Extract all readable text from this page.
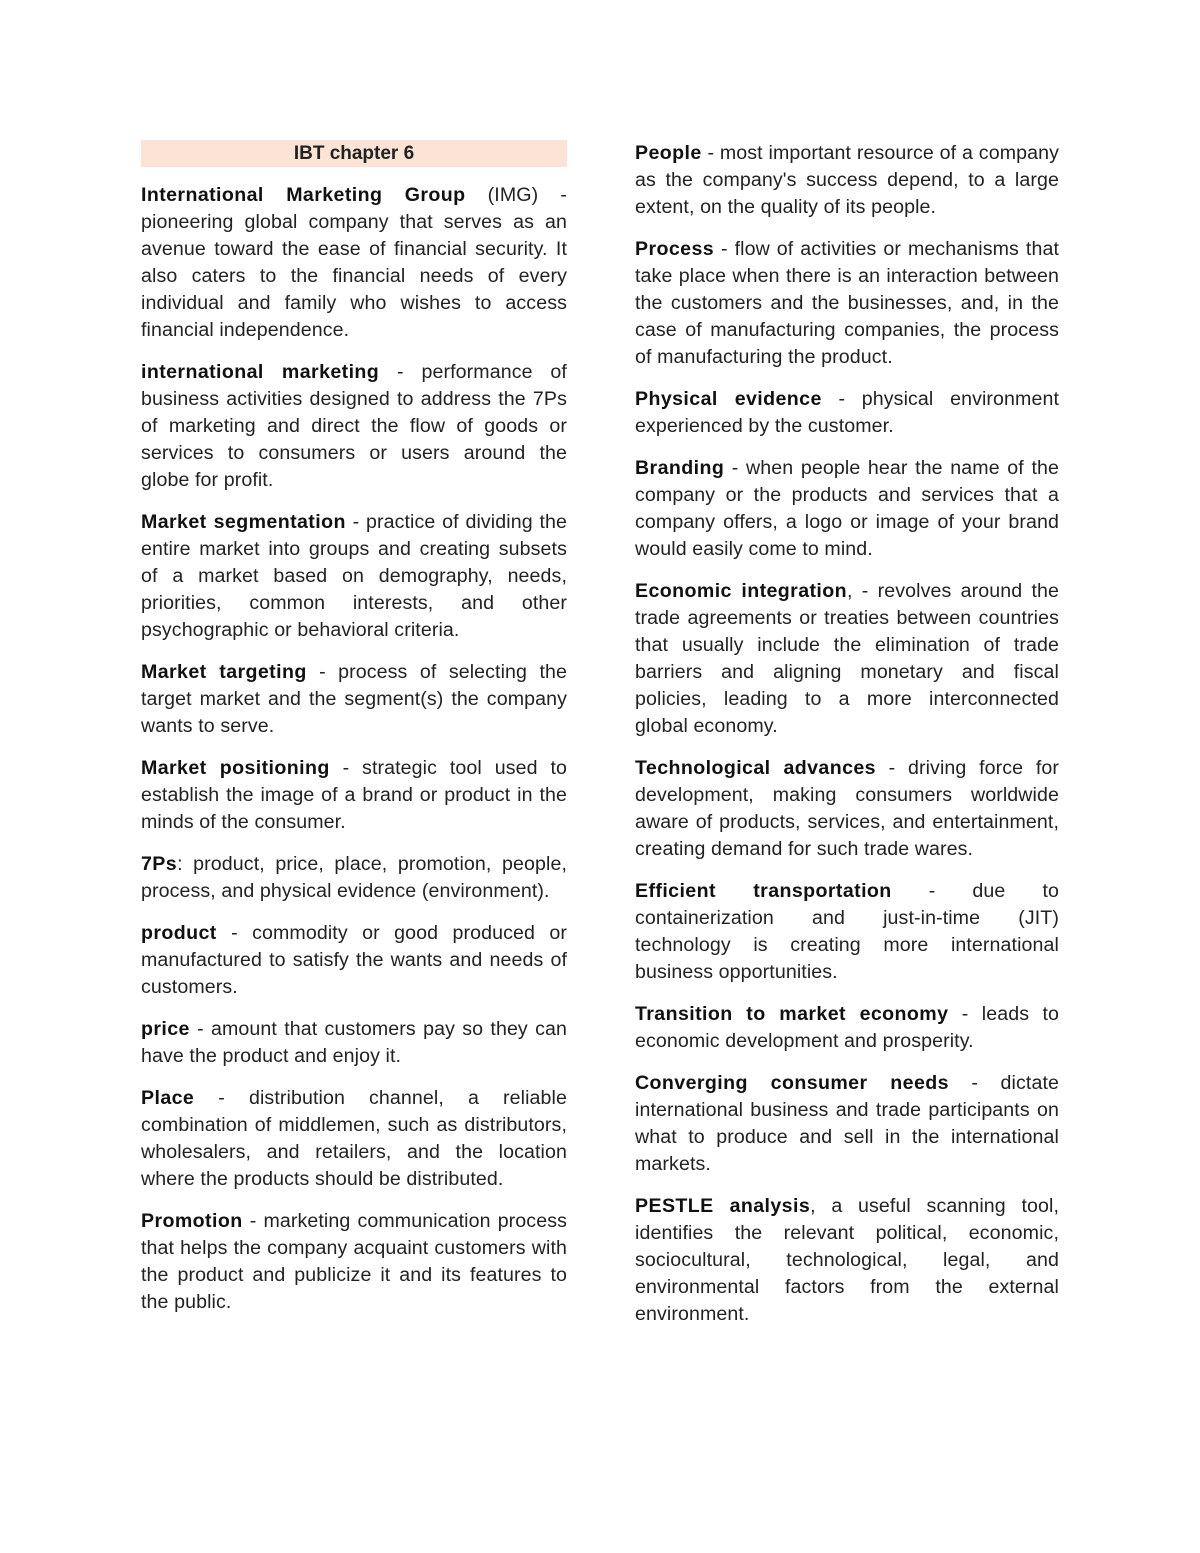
IBT chapter 6

International Marketing Group (IMG) - pioneering global company that serves as an avenue toward the ease of financial security. It also caters to the financial needs of every individual and family who wishes to access financial independence.

international marketing - performance of business activities designed to address the 7Ps of marketing and direct the flow of goods or services to consumers or users around the globe for profit.

Market segmentation - practice of dividing the entire market into groups and creating subsets of a market based on demography, needs, priorities, common interests, and other psychographic or behavioral criteria.

Market targeting - process of selecting the target market and the segment(s) the company wants to serve.

Market positioning - strategic tool used to establish the image of a brand or product in the minds of the consumer.

7Ps: product, price, place, promotion, people, process, and physical evidence (environment).

product - commodity or good produced or manufactured to satisfy the wants and needs of customers.

price - amount that customers pay so they can have the product and enjoy it.

Place - distribution channel, a reliable combination of middlemen, such as distributors, wholesalers, and retailers, and the location where the products should be distributed.

Promotion - marketing communication process that helps the company acquaint customers with the product and publicize it and its features to the public.

People - most important resource of a company as the company's success depend, to a large extent, on the quality of its people.

Process - flow of activities or mechanisms that take place when there is an interaction between the customers and the businesses, and, in the case of manufacturing companies, the process of manufacturing the product.

Physical evidence - physical environment experienced by the customer.

Branding - when people hear the name of the company or the products and services that a company offers, a logo or image of your brand would easily come to mind.

Economic integration, - revolves around the trade agreements or treaties between countries that usually include the elimination of trade barriers and aligning monetary and fiscal policies, leading to a more interconnected global economy.

Technological advances - driving force for development, making consumers worldwide aware of products, services, and entertainment, creating demand for such trade wares.

Efficient transportation - due to containerization and just-in-time (JIT) technology is creating more international business opportunities.

Transition to market economy - leads to economic development and prosperity.

Converging consumer needs - dictate international business and trade participants on what to produce and sell in the international markets.

PESTLE analysis, a useful scanning tool, identifies the relevant political, economic, sociocultural, technological, legal, and environmental factors from the external environment.
